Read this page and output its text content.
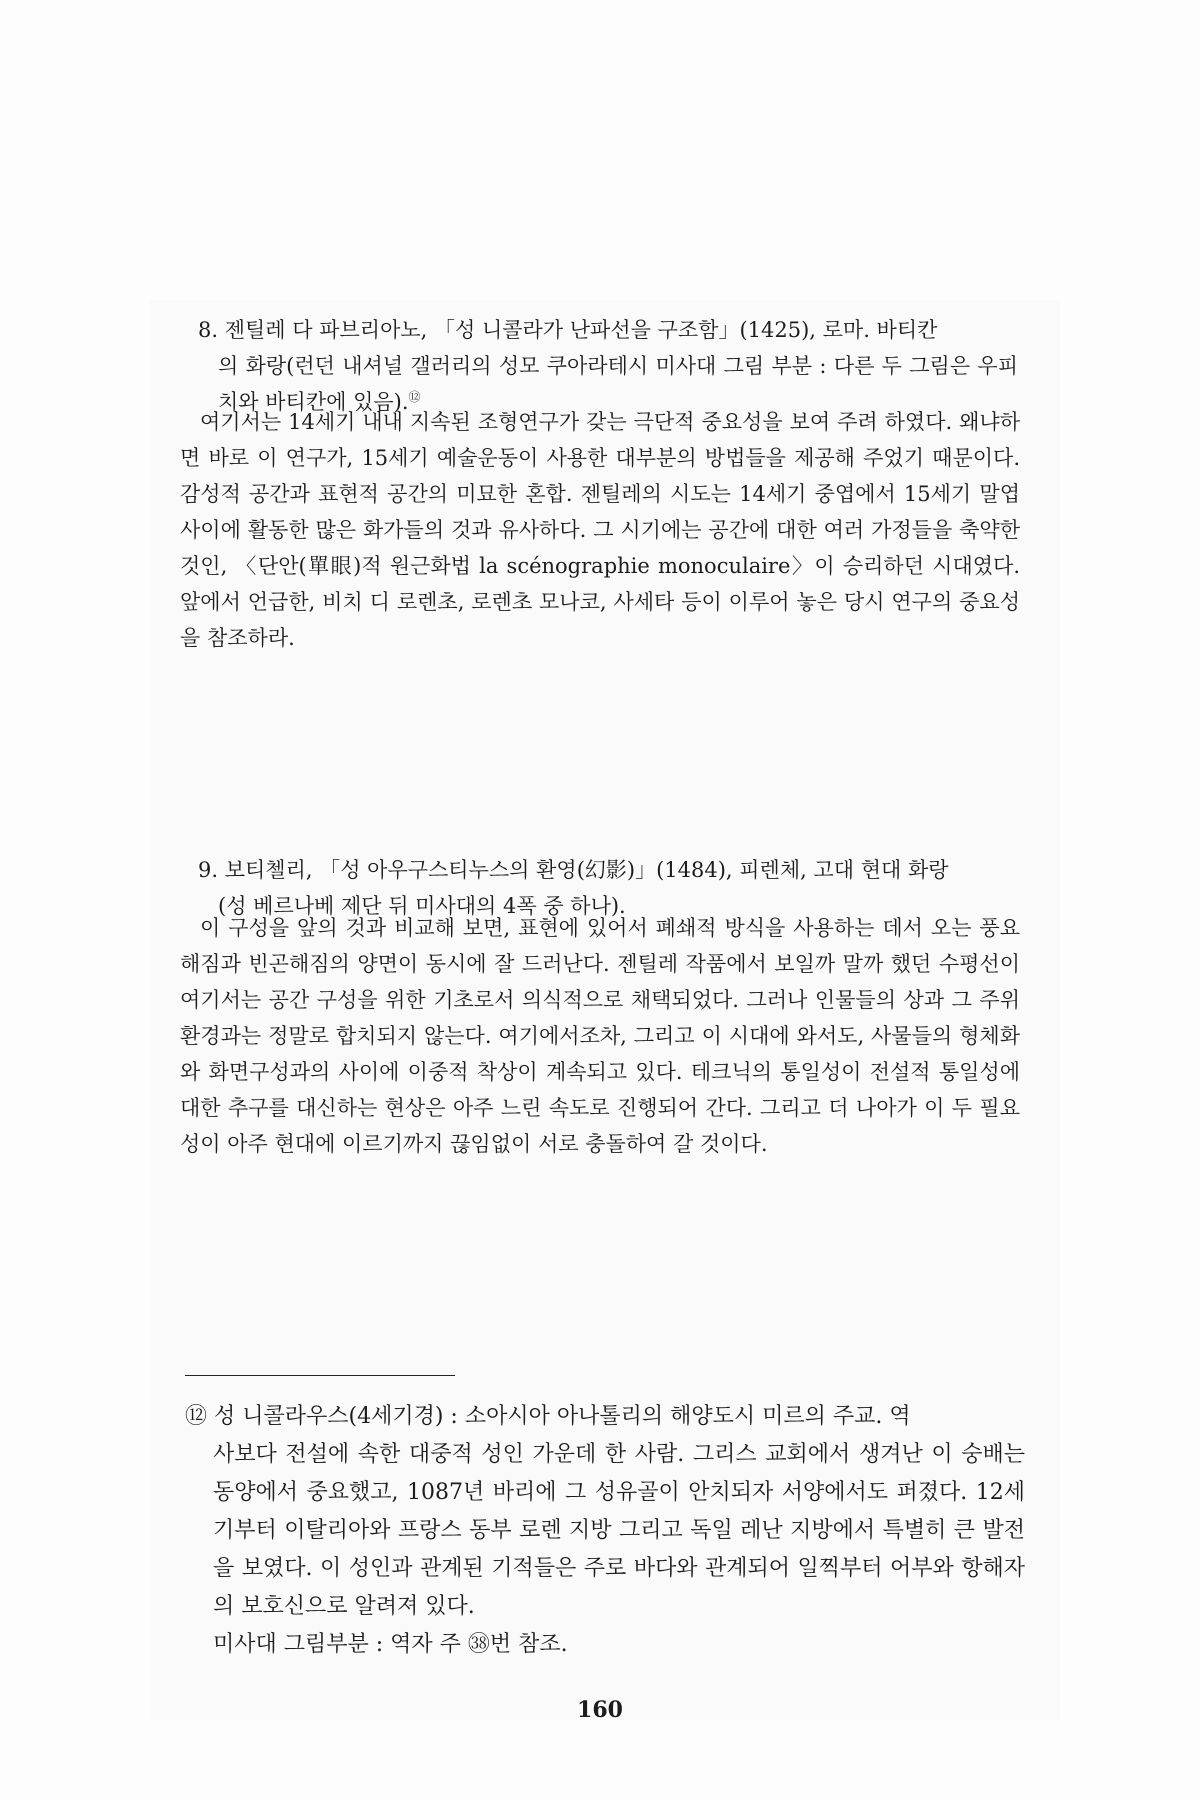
8. 젠틸레 다 파브리아노, 「성 니콜라가 난파선을 구조함」(1425), 로마. 바티칸
의 화랑(런던 내셔널 갤러리의 성모 쿠아라테시 미사대 그림 부분 : 다른 두 그림은 우피치와 바티칸에 있음).⑫
여기서는 14세기 내내 지속된 조형연구가 갖는 극단적 중요성을 보여 주려 하였다. 왜냐하면 바로 이 연구가, 15세기 예술운동이 사용한 대부분의 방법들을 제공해 주었기 때문이다. 감성적 공간과 표현적 공간의 미묘한 혼합. 젠틸레의 시도는 14세기 중엽에서 15세기 말엽 사이에 활동한 많은 화가들의 것과 유사하다. 그 시기에는 공간에 대한 여러 가정들을 축약한 것인, 〈단안(單眼)적 원근화법 la scénographie monoculaire〉이 승리하던 시대였다. 앞에서 언급한, 비치 디 로렌초, 로렌초 모나코, 사세타 등이 이루어 놓은 당시 연구의 중요성을 참조하라.
9. 보티첼리, 「성 아우구스티누스의 환영(幻影)」(1484), 피렌체, 고대 현대 화랑
(성 베르나베 제단 뒤 미사대의 4폭 중 하나).
이 구성을 앞의 것과 비교해 보면, 표현에 있어서 폐쇄적 방식을 사용하는 데서 오는 풍요해짐과 빈곤해짐의 양면이 동시에 잘 드러난다. 젠틸레 작품에서 보일까 말까 했던 수평선이 여기서는 공간 구성을 위한 기초로서 의식적으로 채택되었다. 그러나 인물들의 상과 그 주위환경과는 정말로 합치되지 않는다. 여기에서조차, 그리고 이 시대에 와서도, 사물들의 형체화와 화면구성과의 사이에 이중적 착상이 계속되고 있다. 테크닉의 통일성이 전설적 통일성에 대한 추구를 대신하는 현상은 아주 느린 속도로 진행되어 간다. 그리고 더 나아가 이 두 필요성이 아주 현대에 이르기까지 끊임없이 서로 충돌하여 갈 것이다.
⑫ 성 니콜라우스(4세기경) : 소아시아 아나톨리의 해양도시 미르의 주교. 역
사보다 전설에 속한 대중적 성인 가운데 한 사람. 그리스 교회에서 생겨난 이 숭배는 동양에서 중요했고, 1087년 바리에 그 성유골이 안치되자 서양에서도 퍼졌다. 12세기부터 이탈리아와 프랑스 동부 로렌 지방 그리고 독일 레난 지방에서 특별히 큰 발전을 보였다. 이 성인과 관계된 기적들은 주로 바다와 관계되어 일찍부터 어부와 항해자의 보호신으로 알려져 있다.
미사대 그림부분 : 역자 주 ㊳번 참조.
160
